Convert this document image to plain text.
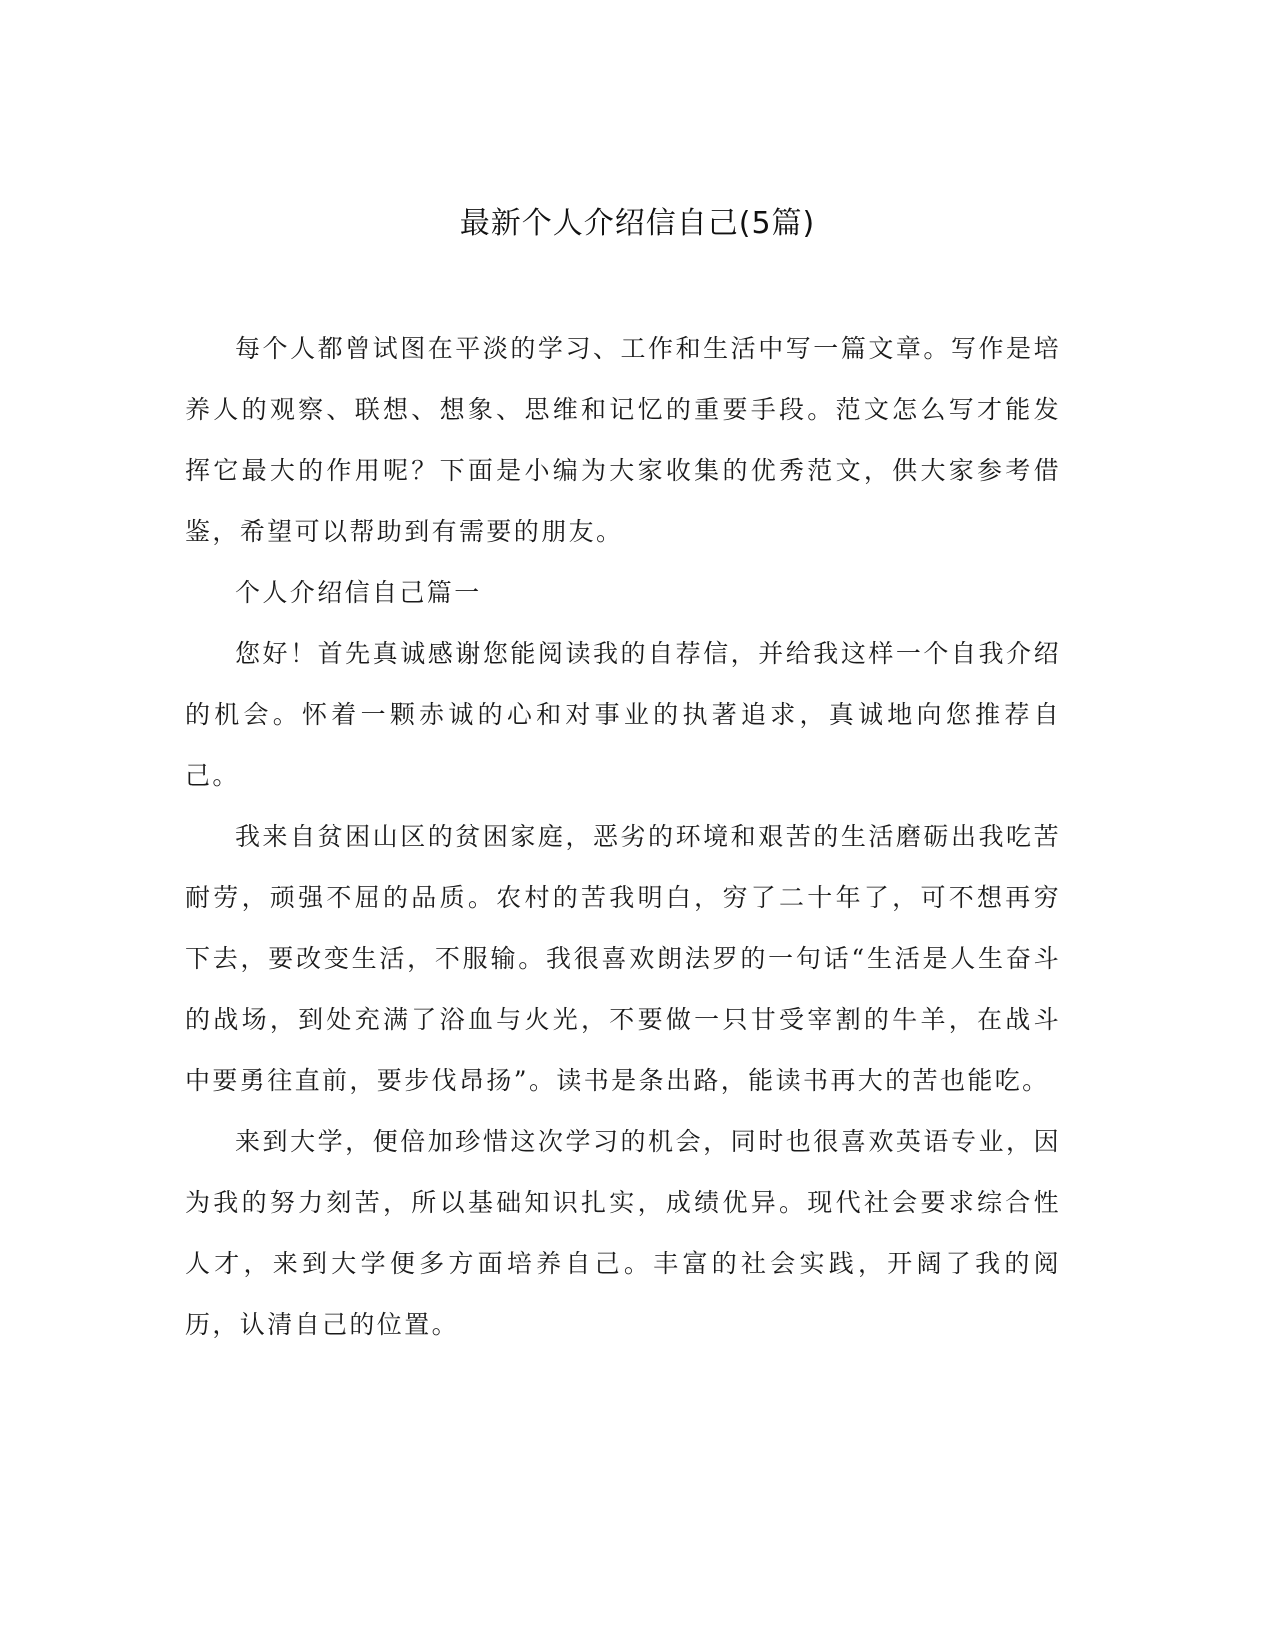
最新个人介绍信自己(5篇)

每个人都曾试图在平淡的学习、工作和生活中写一篇文章。写作是培养人的观察、联想、想象、思维和记忆的重要手段。范文怎么写才能发挥它最大的作用呢？下面是小编为大家收集的优秀范文，供大家参考借鉴，希望可以帮助到有需要的朋友。

个人介绍信自己篇一

您好！首先真诚感谢您能阅读我的自荐信，并给我这样一个自我介绍的机会。怀着一颗赤诚的心和对事业的执著追求，真诚地向您推荐自己。

我来自贫困山区的贫困家庭，恶劣的环境和艰苦的生活磨砺出我吃苦耐劳，顽强不屈的品质。农村的苦我明白，穷了二十年了，可不想再穷下去，要改变生活，不服输。我很喜欢朗法罗的一句话“生活是人生奋斗的战场，到处充满了浴血与火光，不要做一只甘受宰割的牛羊，在战斗中要勇往直前，要步伐昂扬”。读书是条出路，能读书再大的苦也能吃。

来到大学，便倍加珍惜这次学习的机会，同时也很喜欢英语专业，因为我的努力刻苦，所以基础知识扎实，成绩优异。现代社会要求综合性人才，来到大学便多方面培养自己。丰富的社会实践，开阔了我的阅历，认清自己的位置。
